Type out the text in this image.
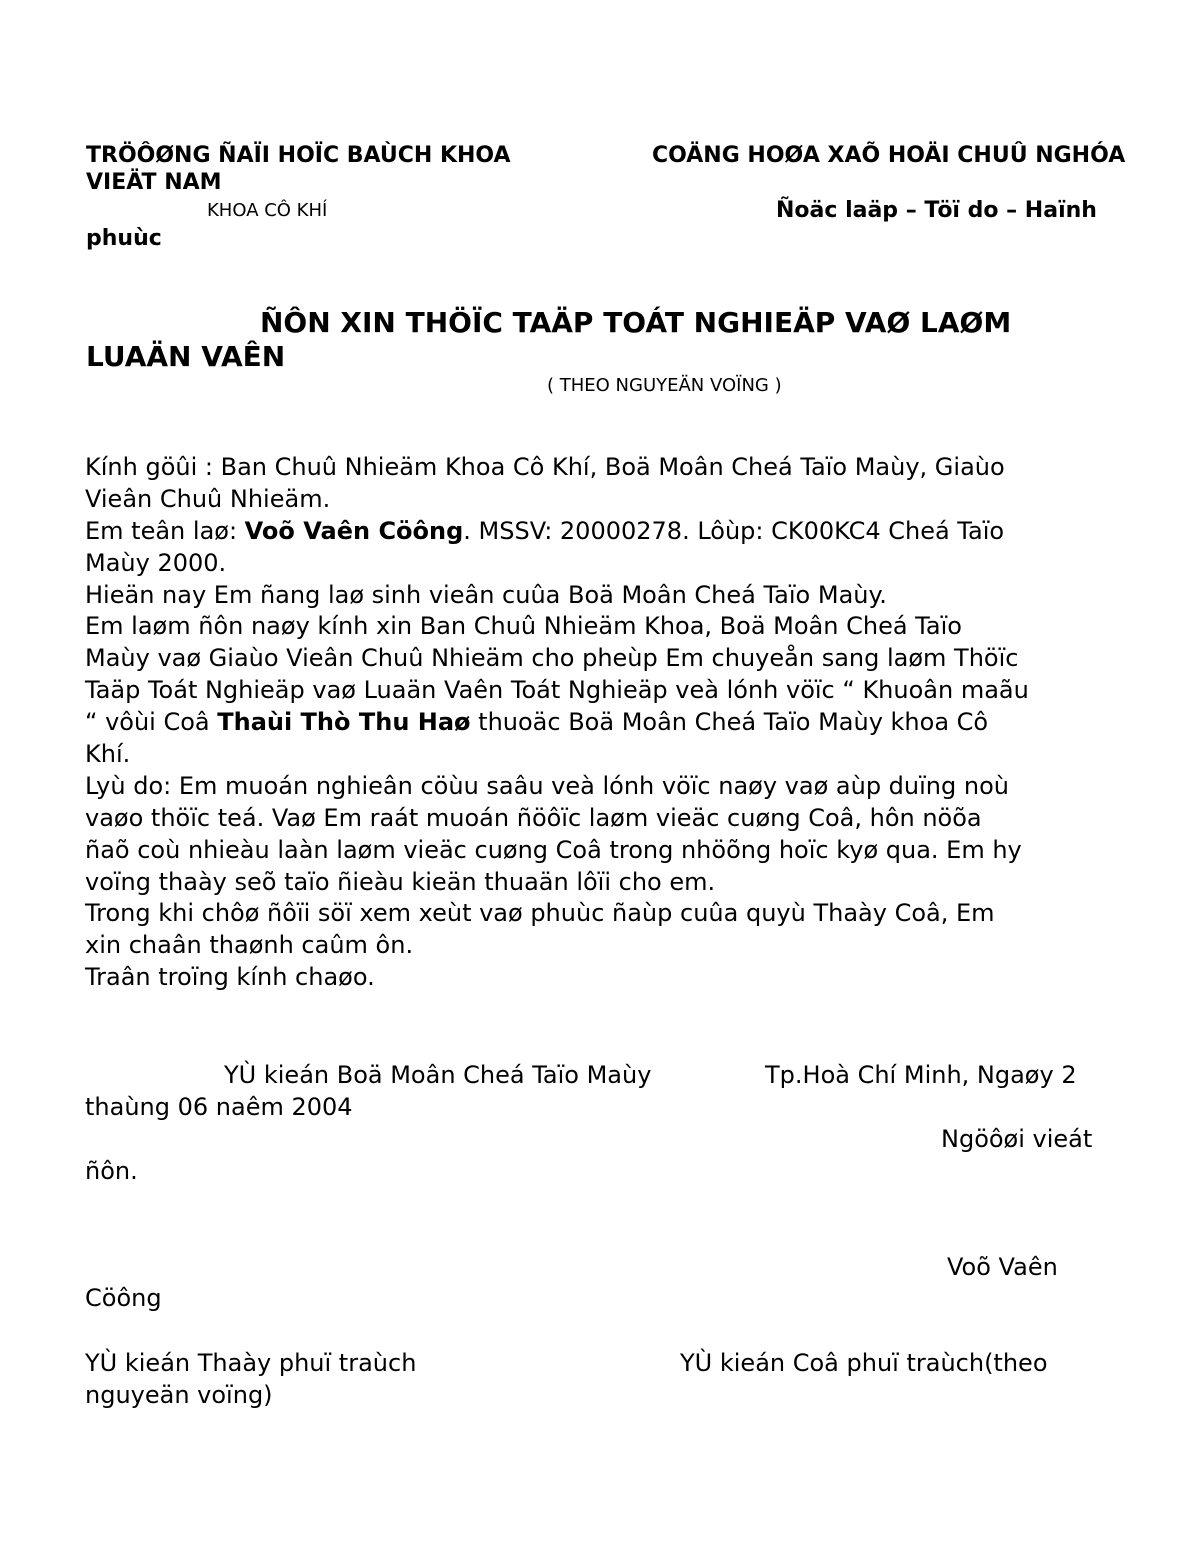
TRÖÔØNG ÑAÏI HOÏC BAÙCH KHOA	COÄNG HOØA XAÕ HOÄI CHUÛ NGHÓA
VIEÄT NAM
KHOA CÔ KHÍ	Ñoäc laäp – Töï do – Haïnh
phuùc
ÑÔN XIN THÖÏC TAÄP TOÁT NGHIEÄP VAØ LAØM
LUAÄN VAÊN
( THEO NGUYEÄN VOÏNG )
Kính göûi : Ban Chuû Nhieäm Khoa Cô Khí, Boä Moân Cheá Taïo Maùy, Giaùo
Vieân Chuû Nhieäm.
Em teân laø: Voõ Vaên Cöông. MSSV: 20000278. Lôùp: CK00KC4 Cheá Taïo
Maùy 2000.
Hieän nay Em ñang laø sinh vieân cuûa Boä Moân Cheá Taïo Maùy.
Em laøm ñôn naøy kính xin Ban Chuû Nhieäm Khoa, Boä Moân Cheá Taïo
Maùy vaø Giaùo Vieân Chuû Nhieäm cho pheùp Em chuyeån sang laøm Thöïc
Taäp Toát Nghieäp vaø Luaän Vaên Toát Nghieäp veà lónh vöïc “ Khuoân maãu
“ vôùi Coâ Thaùi Thò Thu Haø thuoäc Boä Moân Cheá Taïo Maùy khoa Cô
Khí.
Lyù do: Em muoán nghieân cöùu saâu veà lónh vöïc naøy vaø aùp duïng noù
vaøo thöïc teá. Vaø Em raát muoán ñöôïc laøm vieäc cuøng Coâ, hôn nöõa
ñaõ coù nhieàu laàn laøm vieäc cuøng Coâ trong nhöõng hoïc kyø qua. Em hy
voïng thaày seõ taïo ñieàu kieän thuaän lôïi cho em.
Trong khi chôø ñôïi söï xem xeùt vaø phuùc ñaùp cuûa quyù Thaày Coâ, Em
xin chaân thaønh caûm ôn.
Traân troïng kính chaøo.
YÙ kieán Boä Moân Cheá Taïo Maùy	Tp.Hoà Chí Minh, Ngaøy 2
thaùng 06 naêm 2004
Ngöôøi vieát
ñôn.
Voõ Vaên
Cöông
YÙ kieán Thaày phuï traùch	YÙ kieán Coâ phuï traùch(theo
nguyeän voïng)
